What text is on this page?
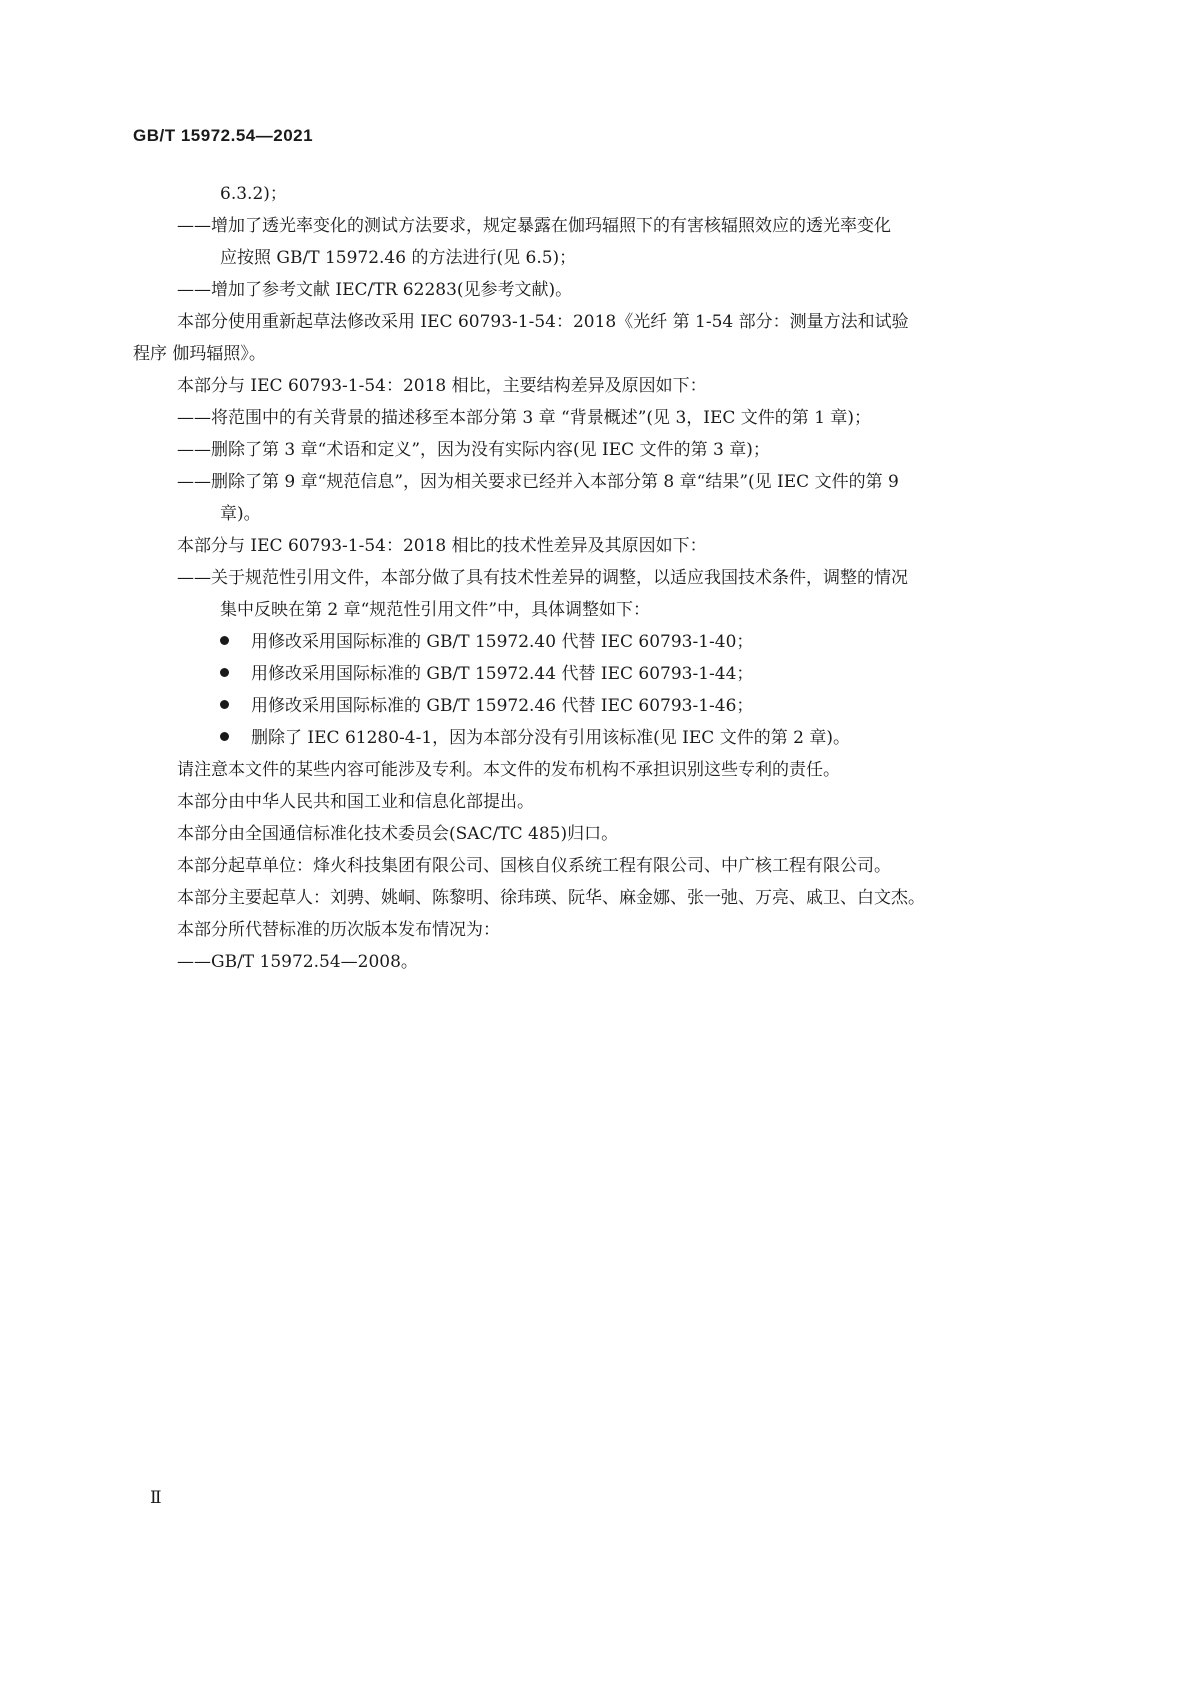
GB/T 15972.54—2021
6.3.2)；
——增加了透光率变化的测试方法要求，规定暴露在伽玛辐照下的有害核辐照效应的透光率变化
应按照 GB/T 15972.46 的方法进行(见 6.5)；
——增加了参考文献 IEC/TR 62283(见参考文献)。
本部分使用重新起草法修改采用 IEC 60793-1-54：2018《光纤 第 1-54 部分：测量方法和试验
程序 伽玛辐照》。
本部分与 IEC 60793-1-54：2018 相比，主要结构差异及原因如下：
——将范围中的有关背景的描述移至本部分第 3 章 “背景概述”(见 3，IEC 文件的第 1 章)；
——删除了第 3 章“术语和定义”，因为没有实际内容(见 IEC 文件的第 3 章)；
——删除了第 9 章“规范信息”，因为相关要求已经并入本部分第 8 章“结果”(见 IEC 文件的第 9
章)。
本部分与 IEC 60793-1-54：2018 相比的技术性差异及其原因如下：
——关于规范性引用文件，本部分做了具有技术性差异的调整，以适应我国技术条件，调整的情况
集中反映在第 2 章“规范性引用文件”中，具体调整如下：
用修改采用国际标准的 GB/T 15972.40 代替 IEC 60793-1-40；
用修改采用国际标准的 GB/T 15972.44 代替 IEC 60793-1-44；
用修改采用国际标准的 GB/T 15972.46 代替 IEC 60793-1-46；
删除了 IEC 61280-4-1，因为本部分没有引用该标准(见 IEC 文件的第 2 章)。
请注意本文件的某些内容可能涉及专利。本文件的发布机构不承担识别这些专利的责任。
本部分由中华人民共和国工业和信息化部提出。
本部分由全国通信标准化技术委员会(SAC/TC 485)归口。
本部分起草单位：烽火科技集团有限公司、国核自仪系统工程有限公司、中广核工程有限公司。
本部分主要起草人：刘骋、姚峒、陈黎明、徐玮瑛、阮华、麻金娜、张一弛、万亮、戚卫、白文杰。
本部分所代替标准的历次版本发布情况为：
——GB/T 15972.54—2008。
Ⅱ
